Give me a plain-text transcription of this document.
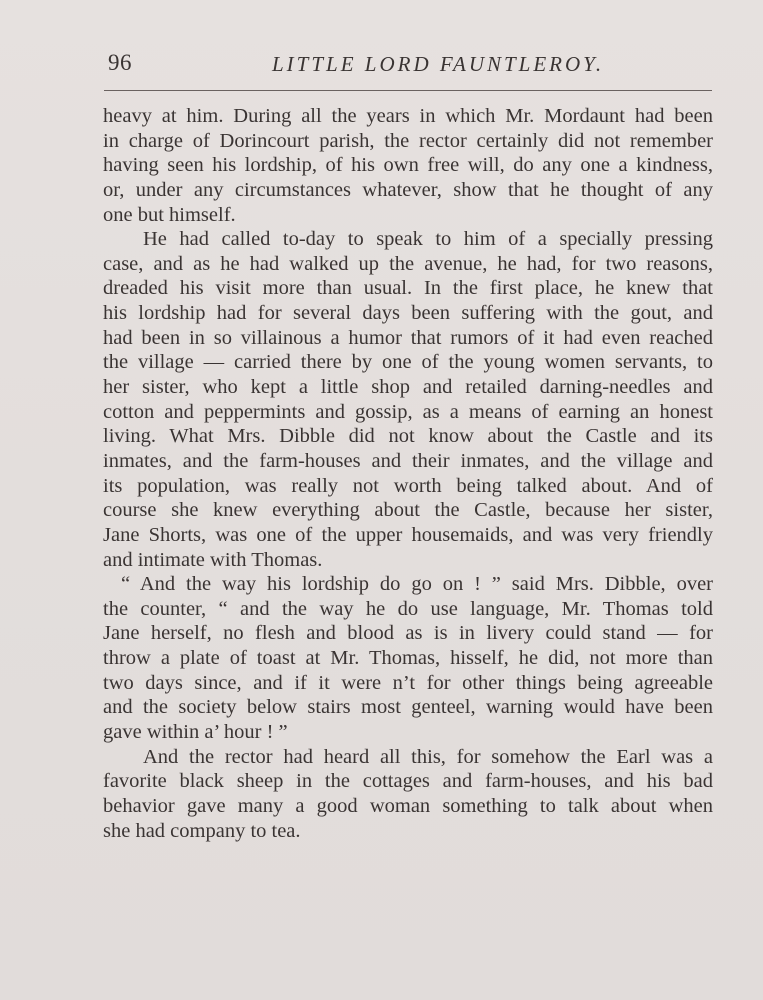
96	LITTLE LORD FAUNTLEROY.
heavy at him. During all the years in which Mr. Mordaunt had been
in charge of Dorincourt parish, the rector certainly did not remember
having seen his lordship, of his own free will, do any one a kindness,
or, under any circumstances whatever, show that he thought of any
one but himself.
He had called to-day to speak to him of a specially pressing
case, and as he had walked up the avenue, he had, for two reasons,
dreaded his visit more than usual. In the first place, he knew that
his lordship had for several days been suffering with the gout, and
had been in so villainous a humor that rumors of it had even reached
the village — carried there by one of the young women servants, to
her sister, who kept a little shop and retailed darning-needles and
cotton and peppermints and gossip, as a means of earning an honest
living. What Mrs. Dibble did not know about the Castle and its
inmates, and the farm-houses and their inmates, and the village and
its population, was really not worth being talked about. And of
course she knew everything about the Castle, because her sister,
Jane Shorts, was one of the upper housemaids, and was very friendly
and intimate with Thomas.
“ And the way his lordship do go on ! ” said Mrs. Dibble, over
the counter, “ and the way he do use language, Mr. Thomas told
Jane herself, no flesh and blood as is in livery could stand — for
throw a plate of toast at Mr. Thomas, hisself, he did, not more than
two days since, and if it were n’t for other things being agreeable
and the society below stairs most genteel, warning would have been
gave within a’ hour ! ”
And the rector had heard all this, for somehow the Earl was a
favorite black sheep in the cottages and farm-houses, and his bad
behavior gave many a good woman something to talk about when
she had company to tea.
